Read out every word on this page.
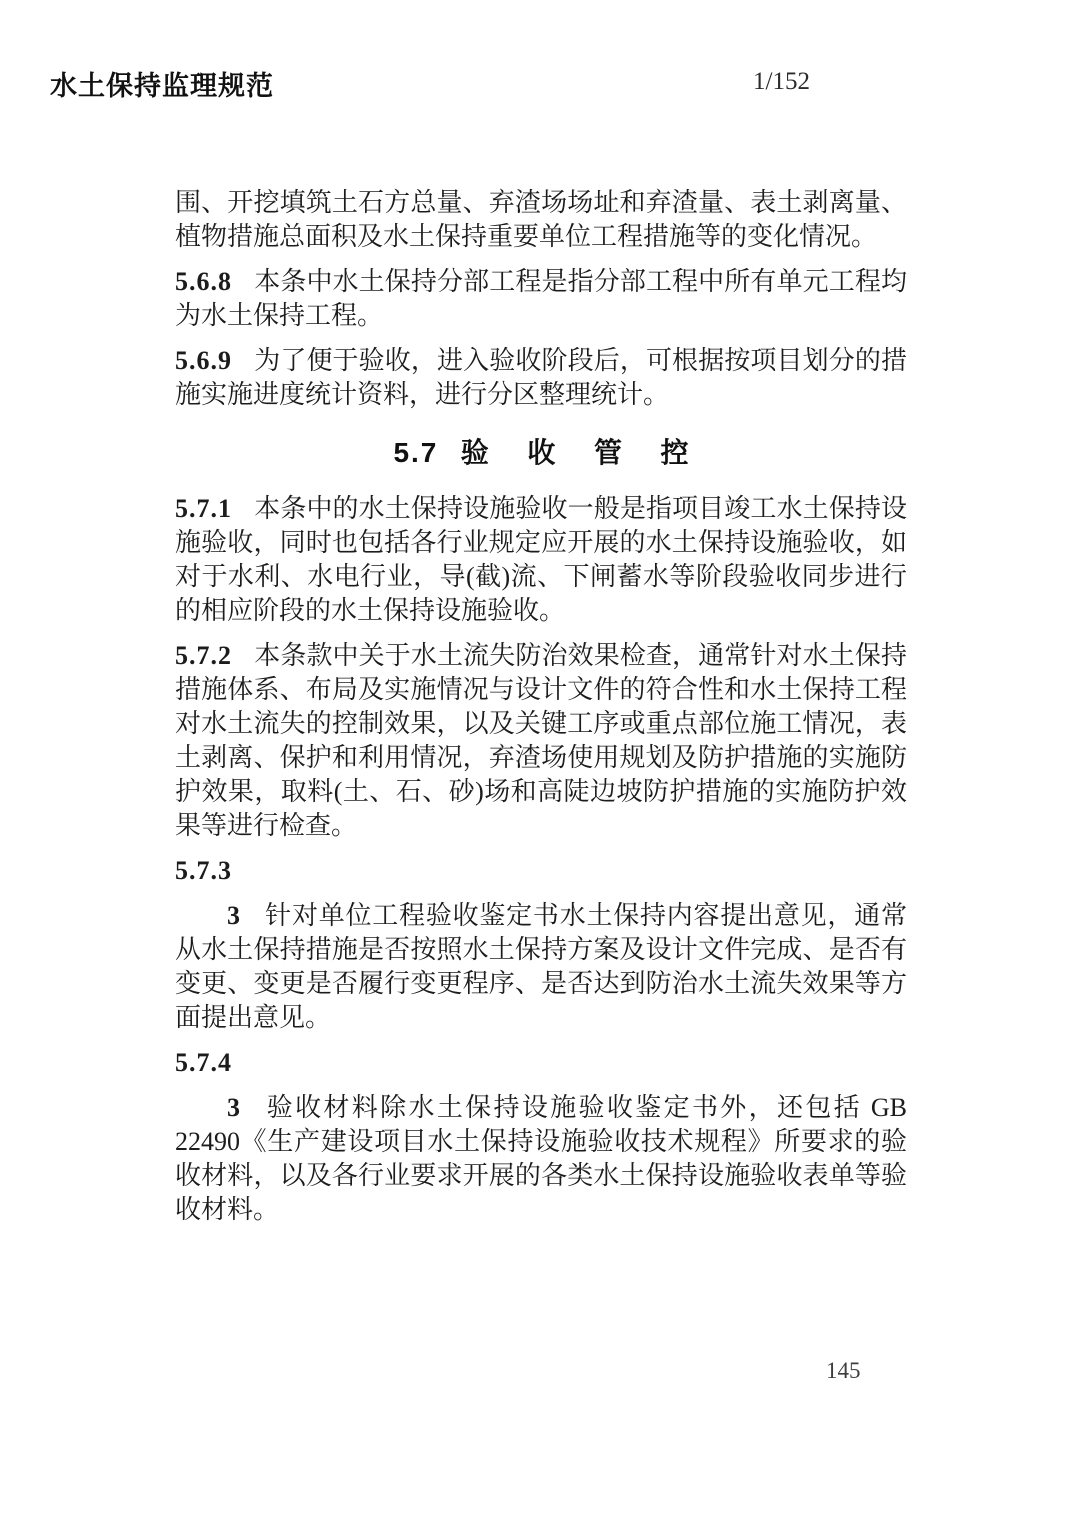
水土保持监理规范	1/152

围、开挖填筑土石方总量、弃渣场场址和弃渣量、表土剥离量、植物措施总面积及水土保持重要单位工程措施等的变化情况。

5.6.8 本条中水土保持分部工程是指分部工程中所有单元工程均为水土保持工程。

5.6.9 为了便于验收，进入验收阶段后，可根据按项目划分的措施实施进度统计资料，进行分区整理统计。

5.7 验 收 管 控

5.7.1 本条中的水土保持设施验收一般是指项目竣工水土保持设施验收，同时也包括各行业规定应开展的水土保持设施验收，如对于水利、水电行业，导(截)流、下闸蓄水等阶段验收同步进行的相应阶段的水土保持设施验收。

5.7.2 本条款中关于水土流失防治效果检查，通常针对水土保持措施体系、布局及实施情况与设计文件的符合性和水土保持工程对水土流失的控制效果，以及关键工序或重点部位施工情况，表土剥离、保护和利用情况，弃渣场使用规划及防护措施的实施防护效果，取料(土、石、砂)场和高陡边坡防护措施的实施防护效果等进行检查。

5.7.3

3 针对单位工程验收鉴定书水土保持内容提出意见，通常从水土保持措施是否按照水土保持方案及设计文件完成、是否有变更、变更是否履行变更程序、是否达到防治水土流失效果等方面提出意见。

5.7.4

3 验收材料除水土保持设施验收鉴定书外，还包括 GB 22490《生产建设项目水土保持设施验收技术规程》所要求的验收材料，以及各行业要求开展的各类水土保持设施验收表单等验收材料。

145
